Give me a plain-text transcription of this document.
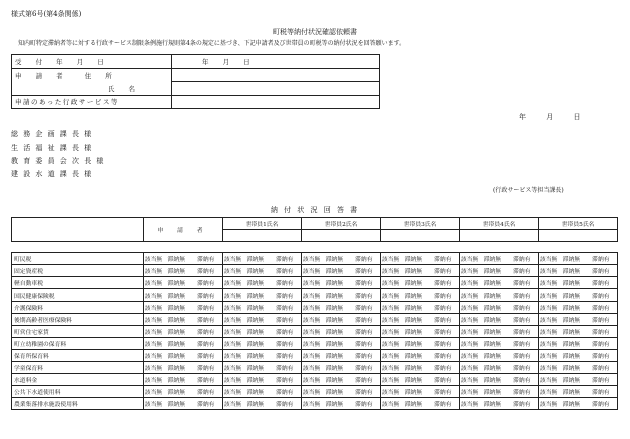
様式第6号(第4条関係)
町税等納付状況確認依頼書
知内町特定滞納者等に対する行政サービス制限条例施行規則第4条の規定に基づき、下記申請者及び世帯員の町税等の納付状況を回答願います。
受 付 年 月 日	年 月 日
申 請 者 住 所	
氏 名	
申請のあった行政サービス等	
年 月 日
総務企画課長様
生活福祉課長様
教育委員会次長様
建設水道課長様
(行政サービス等担当課長)
納 付 状 況 回 答 書
	申 請 者			世帯員1氏名			世帯員2氏名			世帯員3氏名			世帯員4氏名			世帯員5氏名		

町民税	該当無	滞納無	滞納有	該当無	滞納無	滞納有	該当無	滞納無	滞納有	該当無	滞納無	滞納有	該当無	滞納無	滞納有	該当無	滞納無	滞納有
固定資産税	該当無	滞納無	滞納有	該当無	滞納無	滞納有	該当無	滞納無	滞納有	該当無	滞納無	滞納有	該当無	滞納無	滞納有	該当無	滞納無	滞納有
軽自動車税	該当無	滞納無	滞納有	該当無	滞納無	滞納有	該当無	滞納無	滞納有	該当無	滞納無	滞納有	該当無	滞納無	滞納有	該当無	滞納無	滞納有
国民健康保険税	該当無	滞納無	滞納有	該当無	滞納無	滞納有	該当無	滞納無	滞納有	該当無	滞納無	滞納有	該当無	滞納無	滞納有	該当無	滞納無	滞納有
介護保険料	該当無	滞納無	滞納有	該当無	滞納無	滞納有	該当無	滞納無	滞納有	該当無	滞納無	滞納有	該当無	滞納無	滞納有	該当無	滞納無	滞納有
後期高齢者医療保険料	該当無	滞納無	滞納有	該当無	滞納無	滞納有	該当無	滞納無	滞納有	該当無	滞納無	滞納有	該当無	滞納無	滞納有	該当無	滞納無	滞納有
町営住宅家賃	該当無	滞納無	滞納有	該当無	滞納無	滞納有	該当無	滞納無	滞納有	該当無	滞納無	滞納有	該当無	滞納無	滞納有	該当無	滞納無	滞納有
町立幼稚園の保育料	該当無	滞納無	滞納有	該当無	滞納無	滞納有	該当無	滞納無	滞納有	該当無	滞納無	滞納有	該当無	滞納無	滞納有	該当無	滞納無	滞納有
保育所保育料	該当無	滞納無	滞納有	該当無	滞納無	滞納有	該当無	滞納無	滞納有	該当無	滞納無	滞納有	該当無	滞納無	滞納有	該当無	滞納無	滞納有
学童保育料	該当無	滞納無	滞納有	該当無	滞納無	滞納有	該当無	滞納無	滞納有	該当無	滞納無	滞納有	該当無	滞納無	滞納有	該当無	滞納無	滞納有
水道料金	該当無	滞納無	滞納有	該当無	滞納無	滞納有	該当無	滞納無	滞納有	該当無	滞納無	滞納有	該当無	滞納無	滞納有	該当無	滞納無	滞納有
公共下水道使用料	該当無	滞納無	滞納有	該当無	滞納無	滞納有	該当無	滞納無	滞納有	該当無	滞納無	滞納有	該当無	滞納無	滞納有	該当無	滞納無	滞納有
農業集落排水施設使用料	該当無	滞納無	滞納有	該当無	滞納無	滞納有	該当無	滞納無	滞納有	該当無	滞納無	滞納有	該当無	滞納無	滞納有	該当無	滞納無	滞納有
